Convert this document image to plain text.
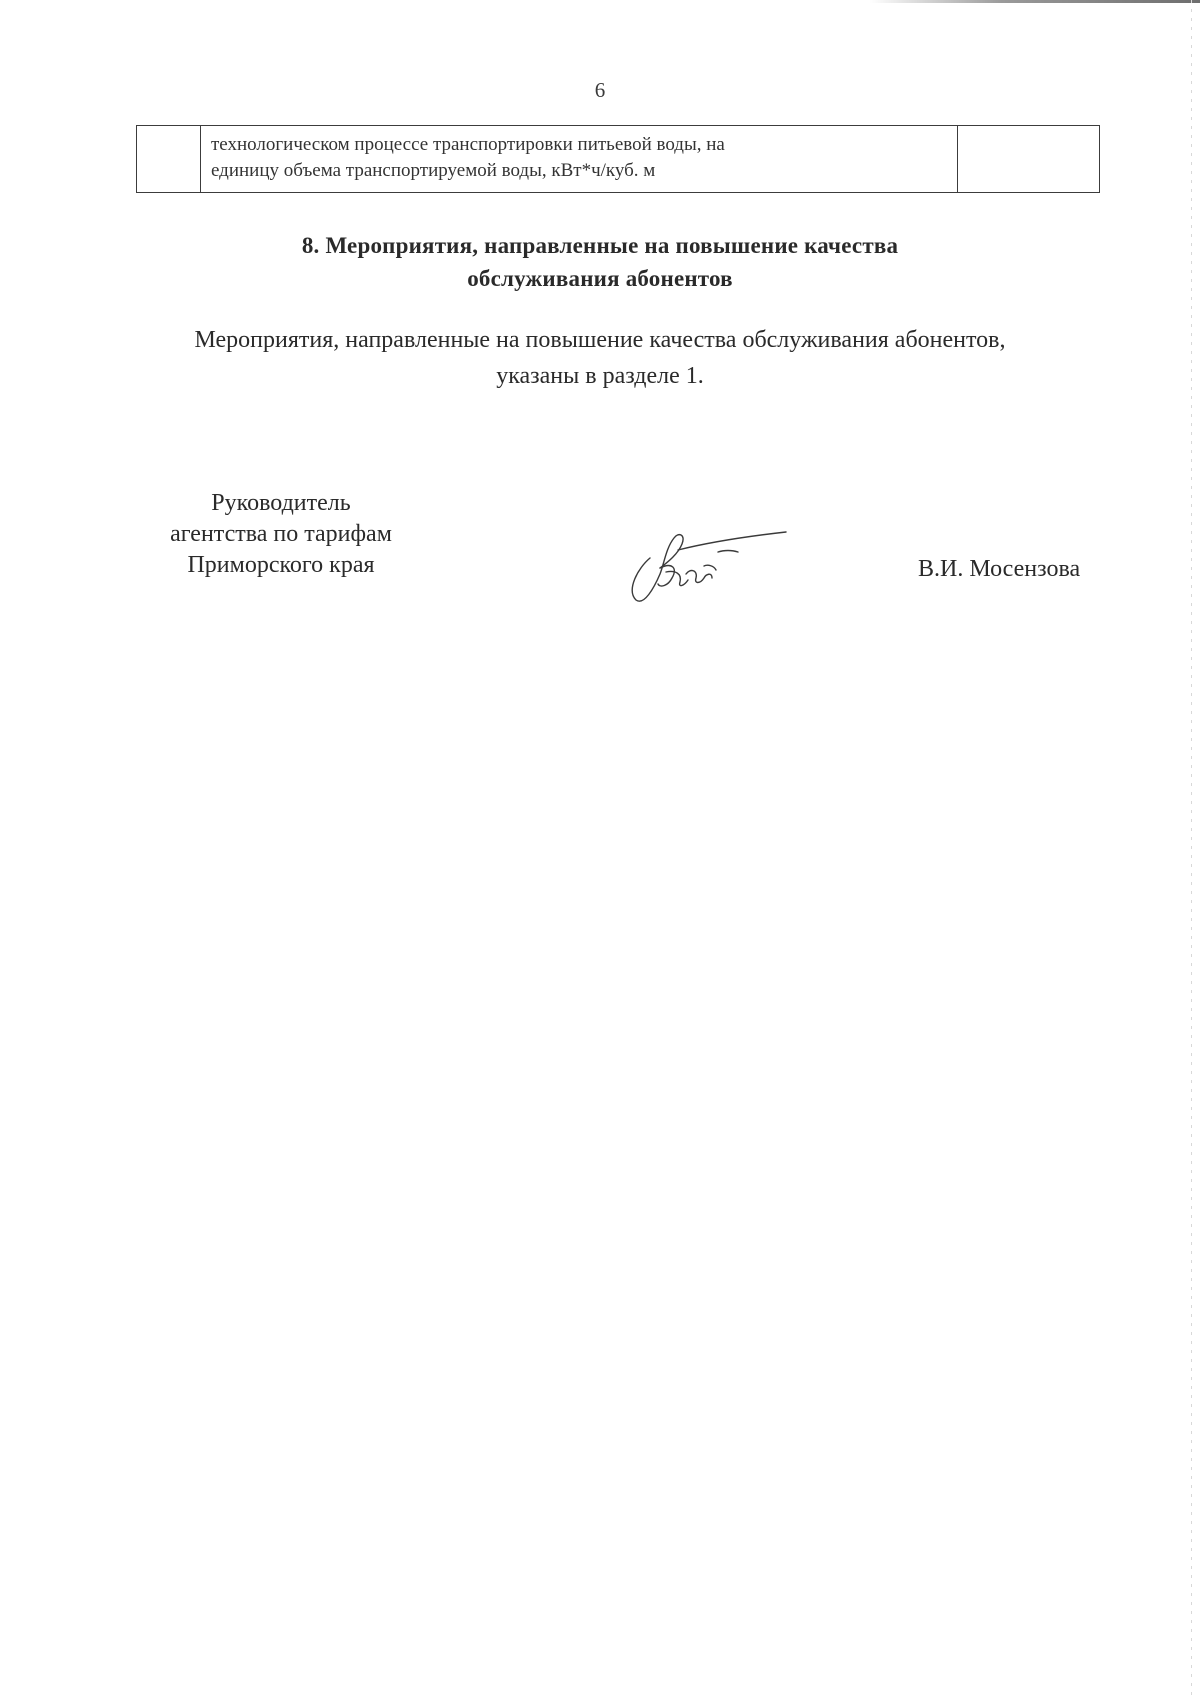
6
технологическом процессе транспортировки питьевой воды, на
единицу объема транспортируемой воды, кВт*ч/куб. м
8. Мероприятия, направленные на повышение качества
обслуживания абонентов
Мероприятия, направленные на повышение качества обслуживания абонентов,
указаны в разделе 1.
Руководитель
агентства по тарифам
Приморского края	В.И. Мосензова
